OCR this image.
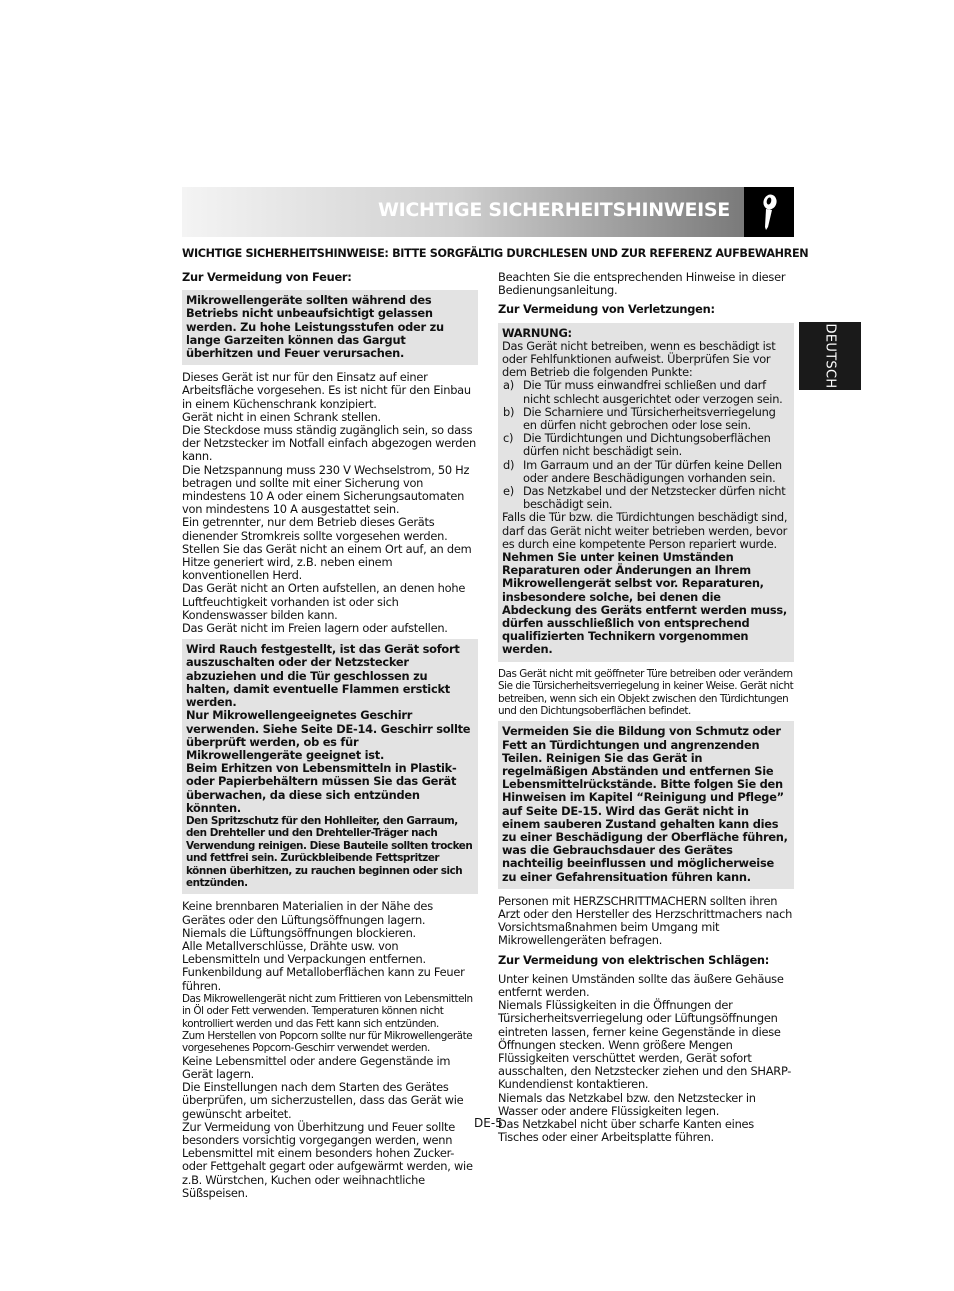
WICHTIGE SICHERHEITSHINWEISE
WICHTIGE SICHERHEITSHINWEISE: BITTE SORGFÄLTIG DURCHLESEN UND ZUR REFERENZ AUFBEWAHREN
DEUTSCH

Zur Vermeidung von Feuer:

Mikrowellengeräte sollten während des Betriebs nicht unbeaufsichtigt gelassen werden. Zu hohe Leistungsstufen oder zu lange Garzeiten können das Gargut überhitzen und Feuer verursachen.

Dieses Gerät ist nur für den Einsatz auf einer Arbeitsfläche vorgesehen. Es ist nicht für den Einbau in einem Küchenschrank konzipiert.

Gerät nicht in einen Schrank stellen.

Die Steckdose muss ständig zugänglich sein, so dass der Netzstecker im Notfall einfach abgezogen werden kann.

Die Netzspannung muss 230 V Wechselstrom, 50 Hz betragen und sollte mit einer Sicherung von mindestens 10 A oder einem Sicherungsautomaten von mindestens 10 A ausgestattet sein.

Ein getrennter, nur dem Betrieb dieses Geräts dienender Stromkreis sollte vorgesehen werden.

Stellen Sie das Gerät nicht an einem Ort auf, an dem Hitze generiert wird, z.B. neben einem konventionellen Herd.

Das Gerät nicht an Orten aufstellen, an denen hohe Luftfeuchtigkeit vorhanden ist oder sich Kondenswasser bilden kann.

Das Gerät nicht im Freien lagern oder aufstellen.

Wird Rauch festgestellt, ist das Gerät sofort auszuschalten oder der Netzstecker abzuziehen und die Tür geschlossen zu halten, damit eventuelle Flammen erstickt werden.

Nur Mikrowellengeeignetes Geschirr verwenden. Siehe Seite DE-14. Geschirr sollte überprüft werden, ob es für Mikrowellengeräte geeignet ist.

Beim Erhitzen von Lebensmitteln in Plastik- oder Papierbehältern müssen Sie das Gerät überwachen, da diese sich entzünden könnten.

Den Spritzschutz für den Hohlleiter, den Garraum, den Drehteller und den Drehteller-Träger nach Verwendung reinigen. Diese Bauteile sollten trocken und fettfrei sein. Zurückbleibende Fettspritzer können überhitzen, zu rauchen beginnen oder sich entzünden.

Keine brennbaren Materialien in der Nähe des Gerätes oder den Lüftungsöffnungen lagern.

Niemals die Lüftungsöffnungen blockieren.

Alle Metallverschlüsse, Drähte usw. von Lebensmitteln und Verpackungen entfernen. Funkenbildung auf Metalloberflächen kann zu Feuer führen.

Das Mikrowellengerät nicht zum Frittieren von Lebensmitteln in Öl oder Fett verwenden. Temperaturen können nicht kontrolliert werden und das Fett kann sich entzünden.

Zum Herstellen von Popcorn sollte nur für Mikrowellengeräte vorgesehenes Popcorn-Geschirr verwendet werden.

Keine Lebensmittel oder andere Gegenstände im Gerät lagern.

Die Einstellungen nach dem Starten des Gerätes überprüfen, um sicherzustellen, dass das Gerät wie gewünscht arbeitet.

Zur Vermeidung von Überhitzung und Feuer sollte besonders vorsichtig vorgegangen werden, wenn Lebensmittel mit einem besonders hohen Zucker- oder Fettgehalt gegart oder aufgewärmt werden, wie z.B. Würstchen, Kuchen oder weihnachtliche Süßspeisen.

Beachten Sie die entsprechenden Hinweise in dieser Bedienungsanleitung.

Zur Vermeidung von Verletzungen:

WARNUNG:

Das Gerät nicht betreiben, wenn es beschädigt ist oder Fehlfunktionen aufweist. Überprüfen Sie vor dem Betrieb die folgenden Punkte:

a) Die Tür muss einwandfrei schließen und darf nicht schlecht ausgerichtet oder verzogen sein.
b) Die Scharniere und Türsicherheitsverriegelung en dürfen nicht gebrochen oder lose sein.
c) Die Türdichtungen und Dichtungsoberflächen dürfen nicht beschädigt sein.
d) Im Garraum und an der Tür dürfen keine Dellen oder andere Beschädigungen vorhanden sein.
e) Das Netzkabel und der Netzstecker dürfen nicht beschädigt sein.

Falls die Tür bzw. die Türdichtungen beschädigt sind, darf das Gerät nicht weiter betrieben werden, bevor es durch eine kompetente Person repariert wurde.

Nehmen Sie unter keinen Umständen Reparaturen oder Änderungen an Ihrem Mikrowellengerät selbst vor. Reparaturen, insbesondere solche, bei denen die Abdeckung des Geräts entfernt werden muss, dürfen ausschließlich von entsprechend qualifizierten Technikern vorgenommen werden.

Das Gerät nicht mit geöffneter Türe betreiben oder verändern Sie die Türsicherheitsverriegelung in keiner Weise. Gerät nicht betreiben, wenn sich ein Objekt zwischen den Türdichtungen und den Dichtungsoberflächen befindet.

Vermeiden Sie die Bildung von Schmutz oder Fett an Türdichtungen und angrenzenden Teilen. Reinigen Sie das Gerät in regelmäßigen Abständen und entfernen Sie Lebensmittelrückstände. Bitte folgen Sie den Hinweisen im Kapitel “Reinigung und Pflege” auf Seite DE-15. Wird das Gerät nicht in einem sauberen Zustand gehalten kann dies zu einer Beschädigung der Oberfläche führen, was die Gebrauchsdauer des Gerätes nachteilig beeinflussen und möglicherweise zu einer Gefahrensituation führen kann.

Personen mit HERZSCHRITTMACHERN sollten ihren Arzt oder den Hersteller des Herzschrittmachers nach Vorsichtsmaßnahmen beim Umgang mit Mikrowellengeräten befragen.

Zur Vermeidung von elektrischen Schlägen:

Unter keinen Umständen sollte das äußere Gehäuse entfernt werden.

Niemals Flüssigkeiten in die Öffnungen der Türsicherheitsverriegelung oder Lüftungsöffnungen eintreten lassen, ferner keine Gegenstände in diese Öffnungen stecken. Wenn größere Mengen Flüssigkeiten verschüttet werden, Gerät sofort ausschalten, den Netzstecker ziehen und den SHARP-Kundendienst kontaktieren.

Niemals das Netzkabel bzw. den Netzstecker in Wasser oder andere Flüssigkeiten legen.

Das Netzkabel nicht über scharfe Kanten eines Tisches oder einer Arbeitsplatte führen.

DE-5
